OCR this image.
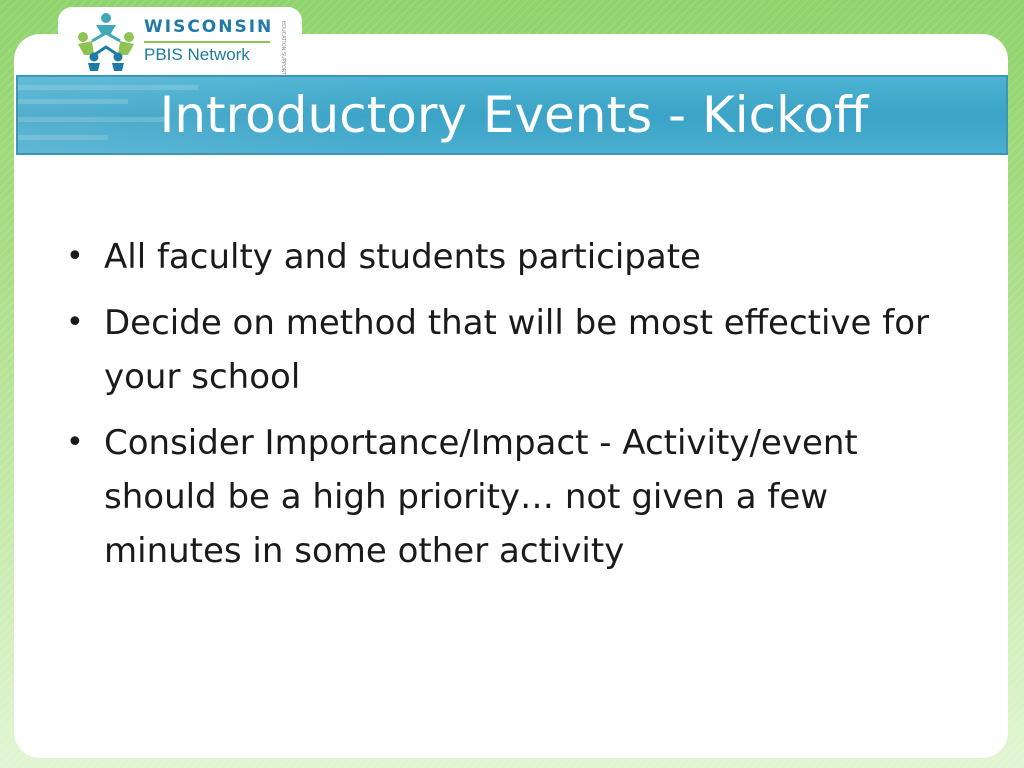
WISCONSIN
PBIS Network	EDUCATION SUPPORT
Introductory Events - Kickoff
• All faculty and students participate
• Decide on method that will be most effective for your school
• Consider Importance/Impact - Activity/event should be a high priority… not given a few minutes in some other activity
